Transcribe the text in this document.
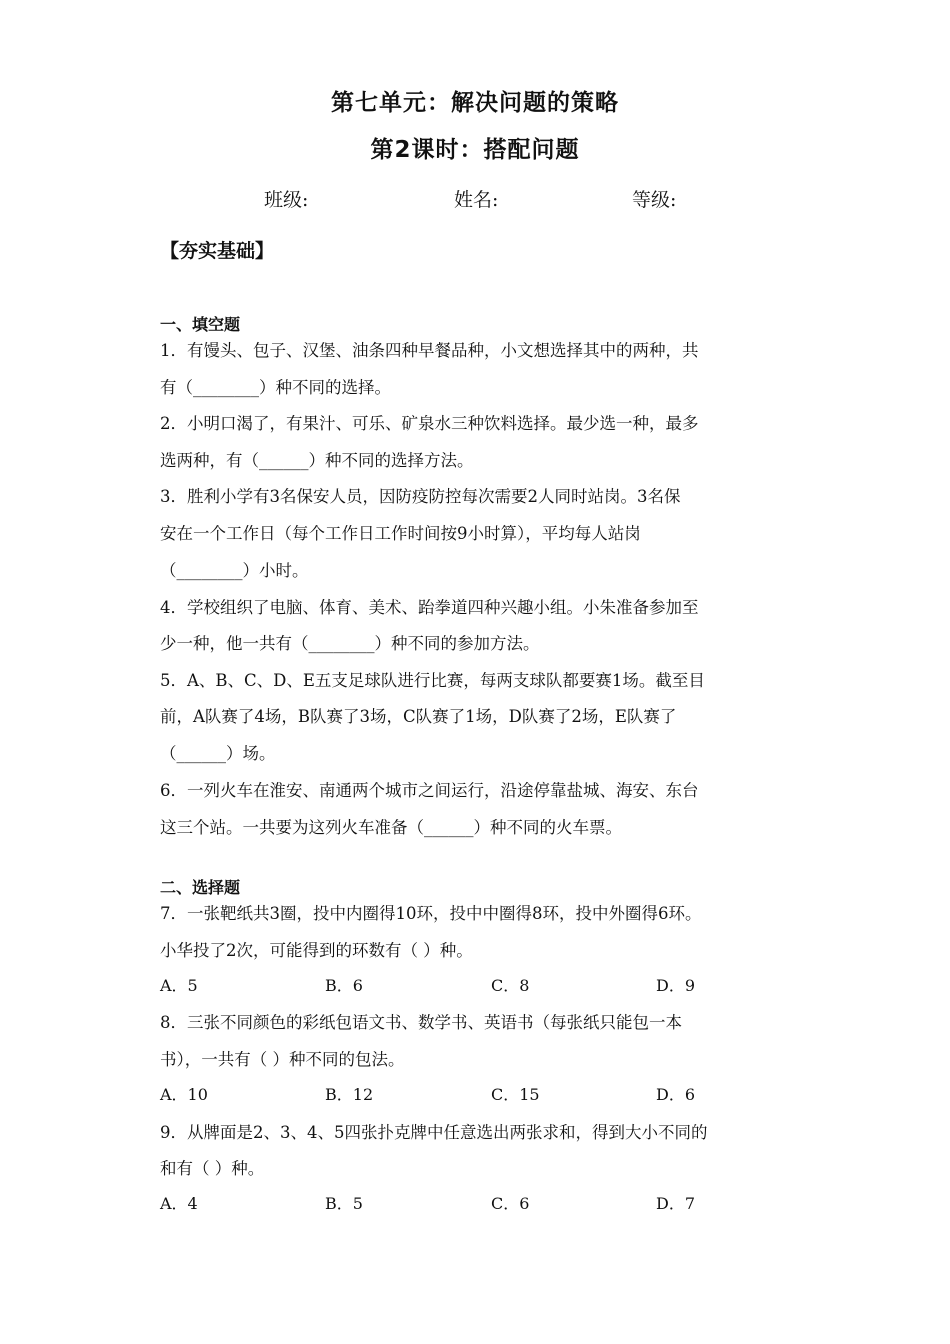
第七单元：解决问题的策略
第2课时：搭配问题
班级:	姓名:	等级:
【夯实基础】
一、填空题
1．有馒头、包子、汉堡、油条四种早餐品种，小文想选择其中的两种，共
有（________）种不同的选择。
2．小明口渴了，有果汁、可乐、矿泉水三种饮料选择。最少选一种，最多
选两种，有（______）种不同的选择方法。
3．胜利小学有3名保安人员，因防疫防控每次需要2人同时站岗。3名保
安在一个工作日（每个工作日工作时间按9小时算），平均每人站岗
（________）小时。
4．学校组织了电脑、体育、美术、跆拳道四种兴趣小组。小朱准备参加至
少一种，他一共有（________）种不同的参加方法。
5．A、B、C、D、E五支足球队进行比赛，每两支球队都要赛1场。截至目
前，A队赛了4场，B队赛了3场，C队赛了1场，D队赛了2场，E队赛了
（______）场。
6．一列火车在淮安、南通两个城市之间运行，沿途停靠盐城、海安、东台
这三个站。一共要为这列火车准备（______）种不同的火车票。
二、选择题
7．一张靶纸共3圈，投中内圈得10环，投中中圈得8环，投中外圈得6环。
小华投了2次，可能得到的环数有（ ）种。
A．5	B．6	C．8	D．9
8．三张不同颜色的彩纸包语文书、数学书、英语书（每张纸只能包一本
书），一共有（ ）种不同的包法。
A．10	B．12	C．15	D．6
9．从牌面是2、3、4、5四张扑克牌中任意选出两张求和，得到大小不同的
和有（ ）种。
A．4	B．5	C．6	D．7
